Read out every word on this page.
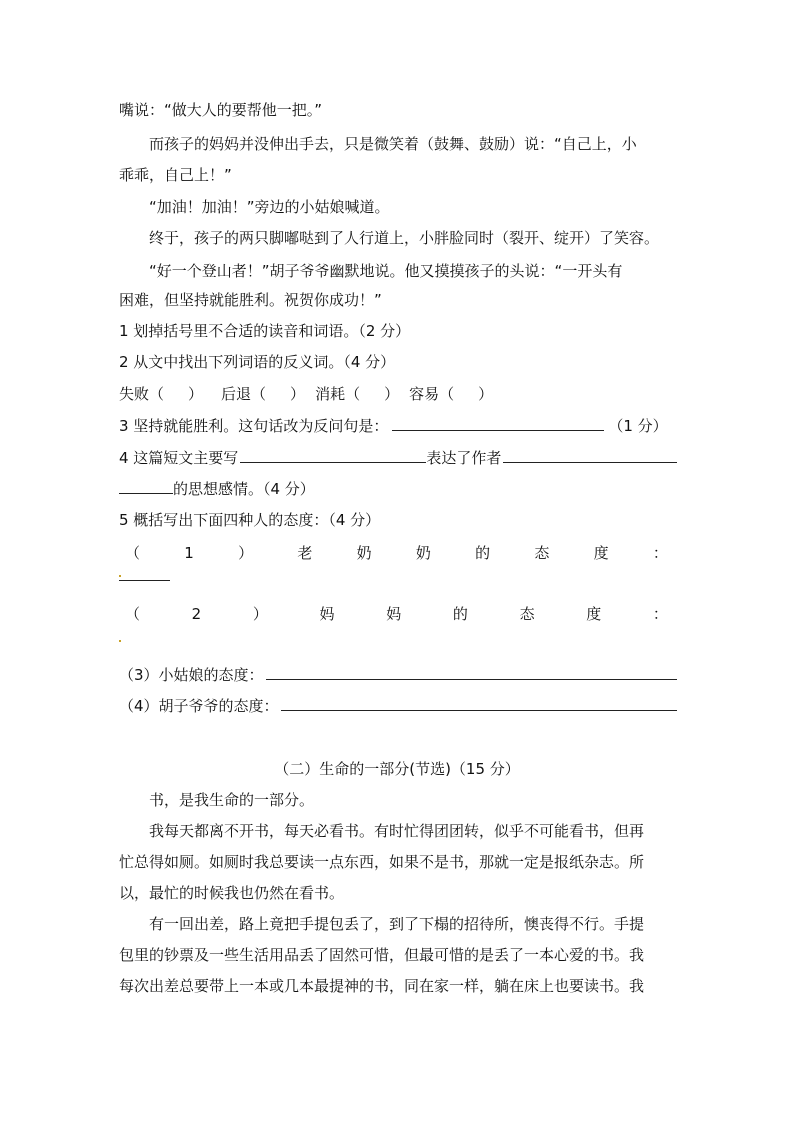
嘴说：“做大人的要帮他一把。”
而孩子的妈妈并没伸出手去，只是微笑着（鼓舞、鼓励）说：“自己上，小
乖乖，自己上！”
“加油！加油！”旁边的小姑娘喊道。
终于，孩子的两只脚嘟哒到了人行道上，小胖脸同时（裂开、绽开）了笑容。
“好一个登山者！”胡子爷爷幽默地说。他又摸摸孩子的头说：“一开头有
困难，但坚持就能胜利。祝贺你成功！”
1 划掉括号里不合适的读音和词语。（2 分）
2 从文中找出下列词语的反义词。（4 分）
失败（ ） 后退（ ） 消耗（ ） 容易（ ）
3 坚持就能胜利。这句话改为反问句是：	（1 分）
4 这篇短文主要写	表达了作者
的思想感情。（4 分）
5 概括写出下面四种人的态度：（4 分）
（	1	）	老	奶	奶	的	态	度	：
（	2	）	妈	妈	的	态	度	：
（3）小姑娘的态度：
（4）胡子爷爷的态度：
（二）生命的一部分(节选)（15 分）
书，是我生命的一部分。
我每天都离不开书，每天必看书。有时忙得团团转，似乎不可能看书，但再
忙总得如厕。如厕时我总要读一点东西，如果不是书，那就一定是报纸杂志。所
以，最忙的时候我也仍然在看书。
有一回出差，路上竟把手提包丢了，到了下榻的招待所，懊丧得不行。手提
包里的钞票及一些生活用品丢了固然可惜，但最可惜的是丢了一本心爱的书。我
每次出差总要带上一本或几本最提神的书，同在家一样，躺在床上也要读书。我
